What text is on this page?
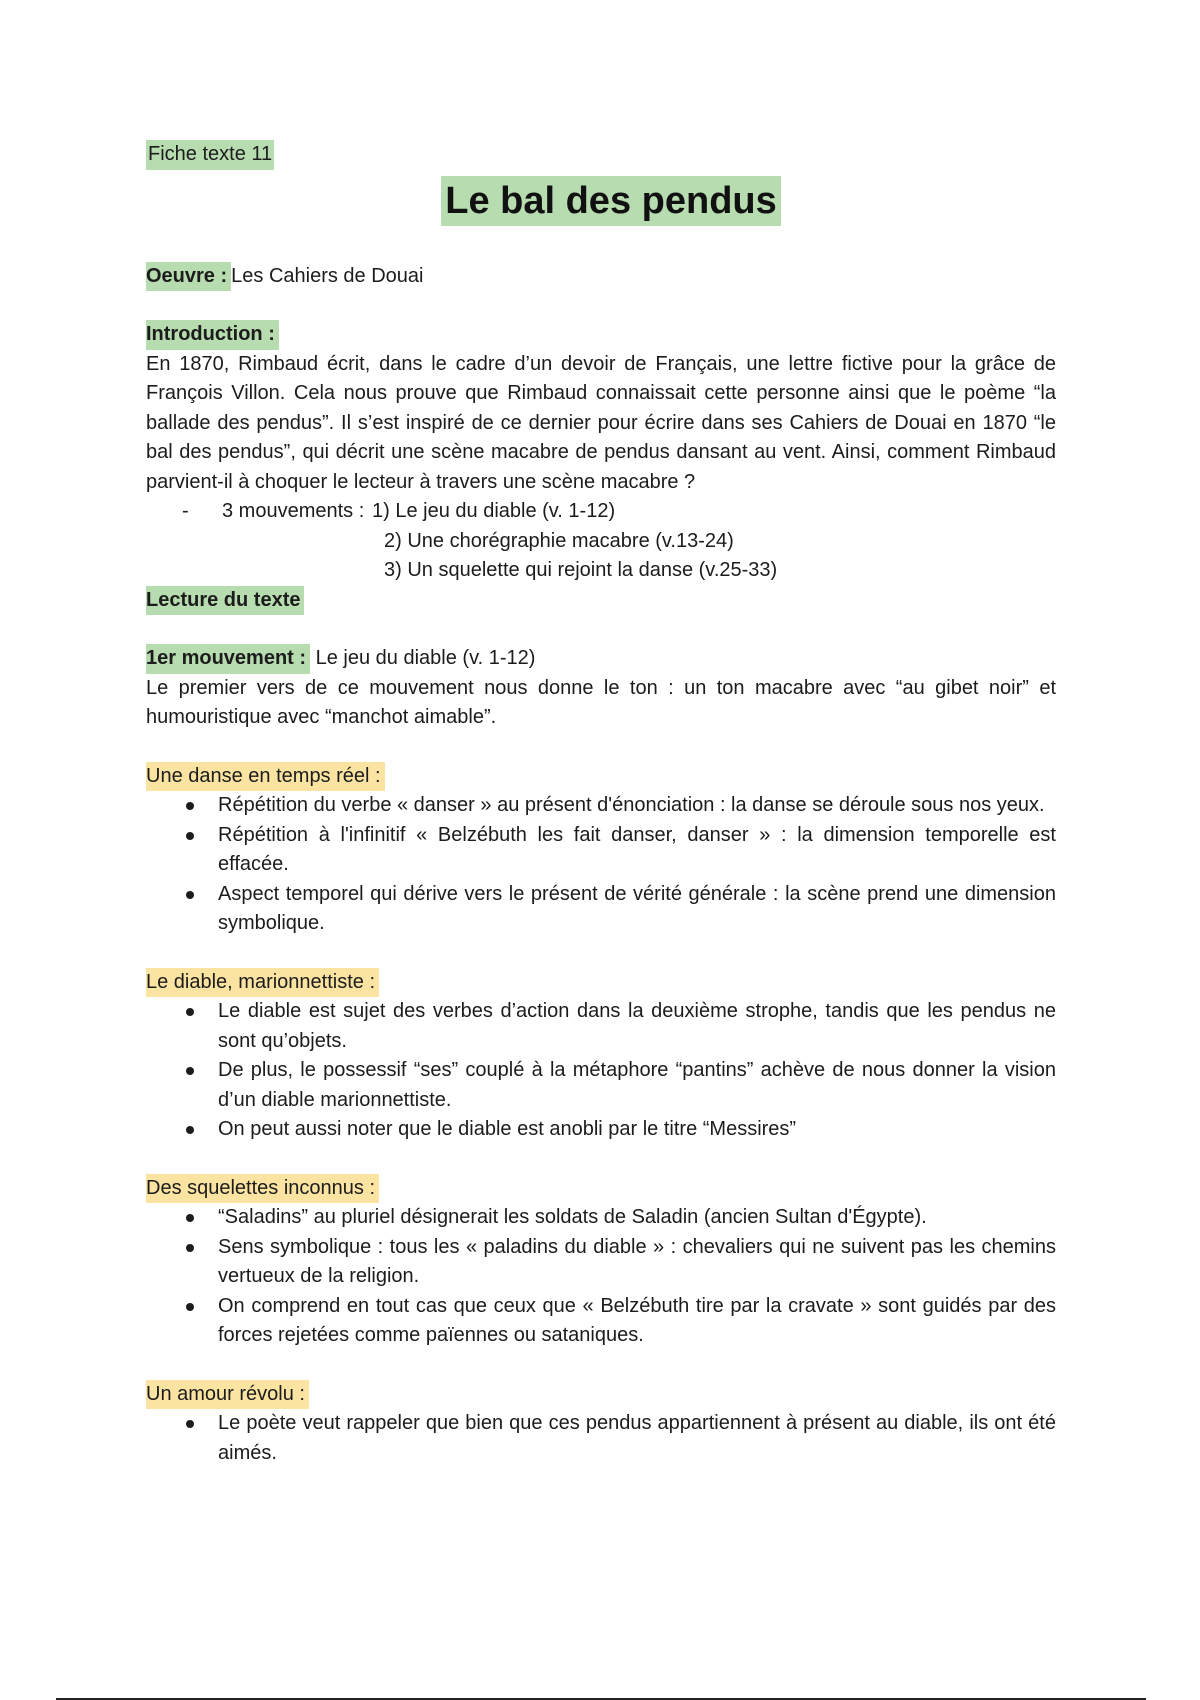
Fiche texte 11
Le bal des pendus
Oeuvre : Les Cahiers de Douai
Introduction :

En 1870, Rimbaud écrit, dans le cadre d’un devoir de Français, une lettre fictive pour la grâce de François Villon. Cela nous prouve que Rimbaud connaissait cette personne ainsi que le poème “la ballade des pendus”. Il s’est inspiré de ce dernier pour écrire dans ses Cahiers de Douai en 1870 “le bal des pendus”, qui décrit une scène macabre de pendus dansant au vent. Ainsi, comment Rimbaud parvient-il à choquer le lecteur à travers une scène macabre ?

-	3 mouvements : 1) Le jeu du diable (v. 1-12)
2) Une chorégraphie macabre (v.13-24)
3) Un squelette qui rejoint la danse (v.25-33)
Lecture du texte
1er mouvement : Le jeu du diable (v. 1-12)

Le premier vers de ce mouvement nous donne le ton : un ton macabre avec “au gibet noir” et humouristique avec “manchot aimable”.

Une danse en temps réel :
Répétition du verbe « danser » au présent d'énonciation : la danse se déroule sous nos yeux.
Répétition à l'infinitif « Belzébuth les fait danser, danser » : la dimension temporelle est effacée.
Aspect temporel qui dérive vers le présent de vérité générale : la scène prend une dimension symbolique.
Le diable, marionnettiste :
Le diable est sujet des verbes d’action dans la deuxième strophe, tandis que les pendus ne sont qu’objets.
De plus, le possessif “ses” couplé à la métaphore “pantins” achève de nous donner la vision d’un diable marionnettiste.
On peut aussi noter que le diable est anobli par le titre “Messires”
Des squelettes inconnus :
“Saladins” au pluriel désignerait les soldats de Saladin (ancien Sultan d'Égypte).
Sens symbolique : tous les « paladins du diable » : chevaliers qui ne suivent pas les chemins vertueux de la religion.
On comprend en tout cas que ceux que « Belzébuth tire par la cravate » sont guidés par des forces rejetées comme païennes ou sataniques.
Un amour révolu :
Le poète veut rappeler que bien que ces pendus appartiennent à présent au diable, ils ont été aimés.
